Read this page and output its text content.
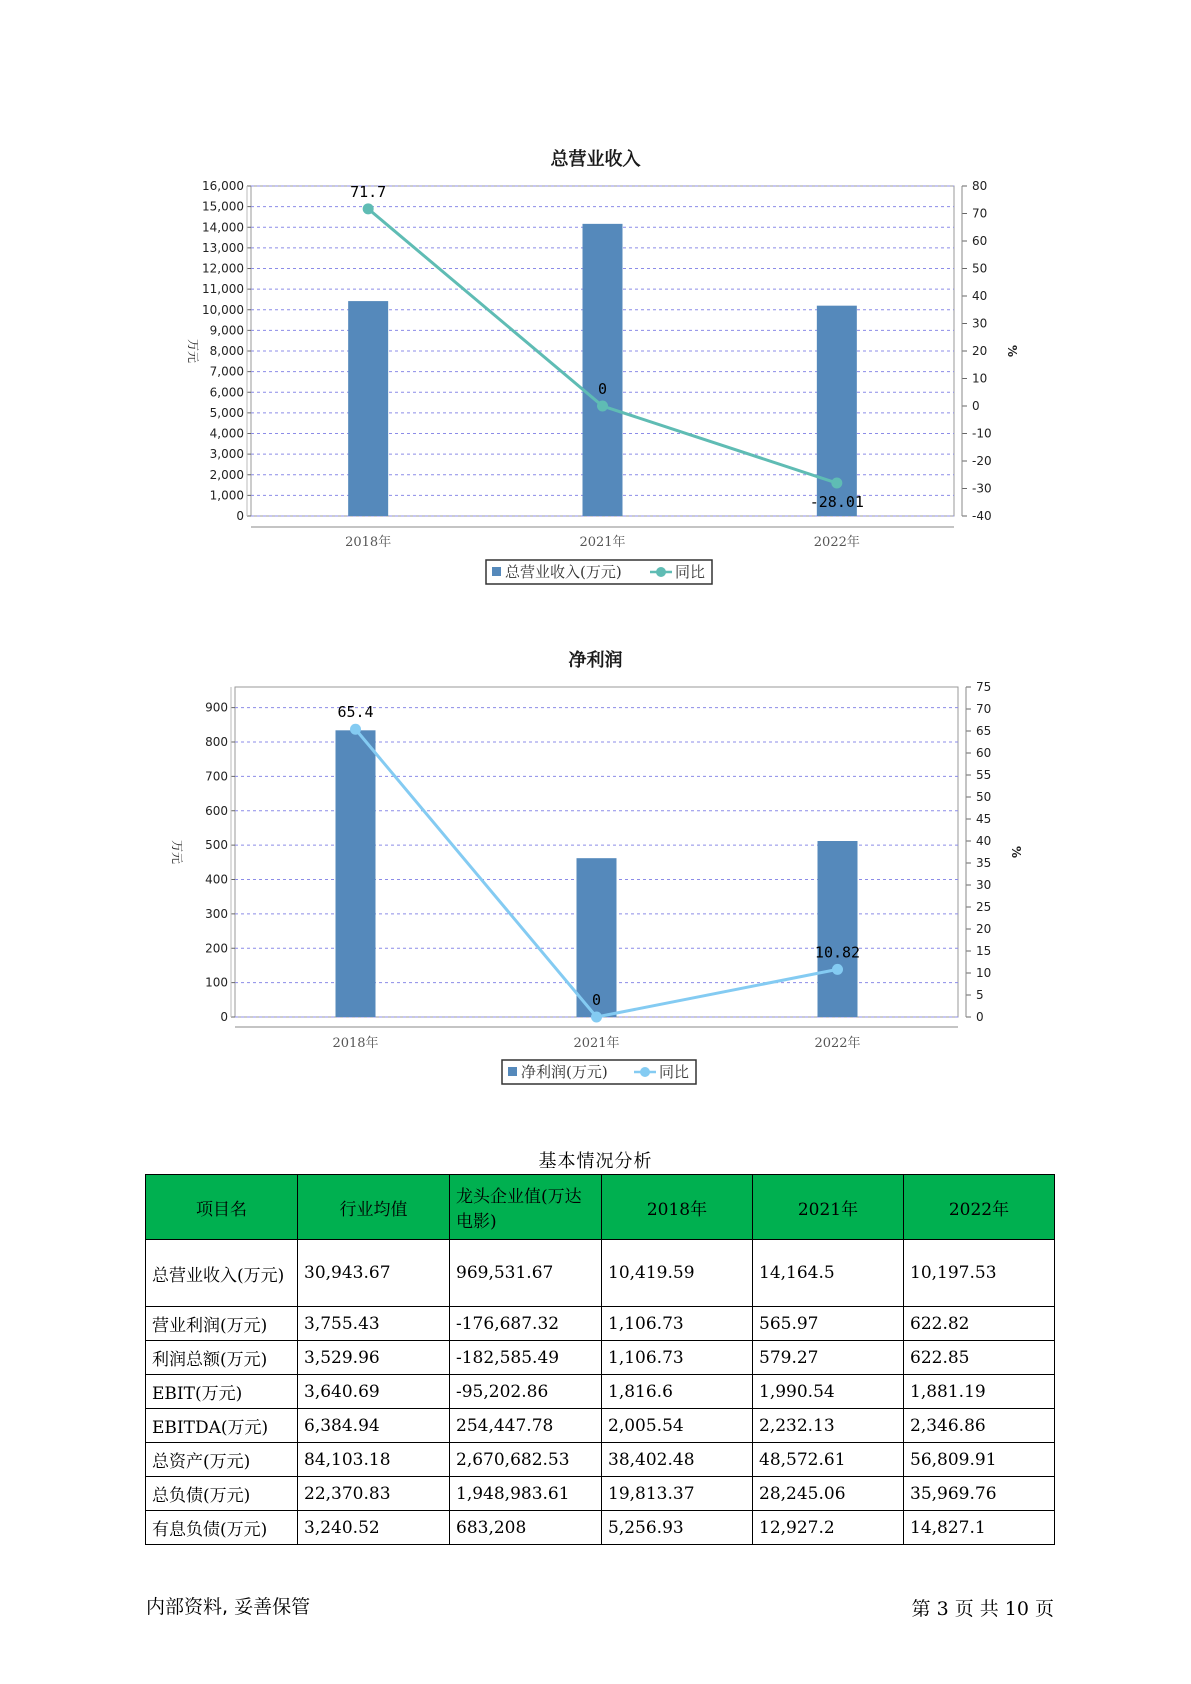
总营业收入
0
1,000
2,000
3,000
4,000
5,000
6,000
7,000
8,000
9,000
10,000
11,000
12,000
13,000
14,000
15,000
16,000
-40
-30
-20
-10
0
10
20
30
40
50
60
70
80
2018年	2021年	2022年
万元	%
71.7
0
-28.01
总营业收入(万元)	同比
净利润
0
100
200
300
400
500
600
700
800
900
0
5
10
15
20
25
30
35
40
45
50
55
60
65
70
75
2018年	2021年	2022年
万元	%
65.4
0
10.82
净利润(万元)	同比
基本情况分析
项目名	行业均值	龙头企业值(万达电影)	2018年	2021年	2022年
总营业收入(万元)	30,943.67	969,531.67	10,419.59	14,164.5	10,197.53
营业利润(万元)	3,755.43	-176,687.32	1,106.73	565.97	622.82
利润总额(万元)	3,529.96	-182,585.49	1,106.73	579.27	622.85
EBIT(万元)	3,640.69	-95,202.86	1,816.6	1,990.54	1,881.19
EBITDA(万元)	6,384.94	254,447.78	2,005.54	2,232.13	2,346.86
总资产(万元)	84,103.18	2,670,682.53	38,402.48	48,572.61	56,809.91
总负债(万元)	22,370.83	1,948,983.61	19,813.37	28,245.06	35,969.76
有息负债(万元)	3,240.52	683,208	5,256.93	12,927.2	14,827.1
内部资料, 妥善保管	第 3 页 共 10 页
